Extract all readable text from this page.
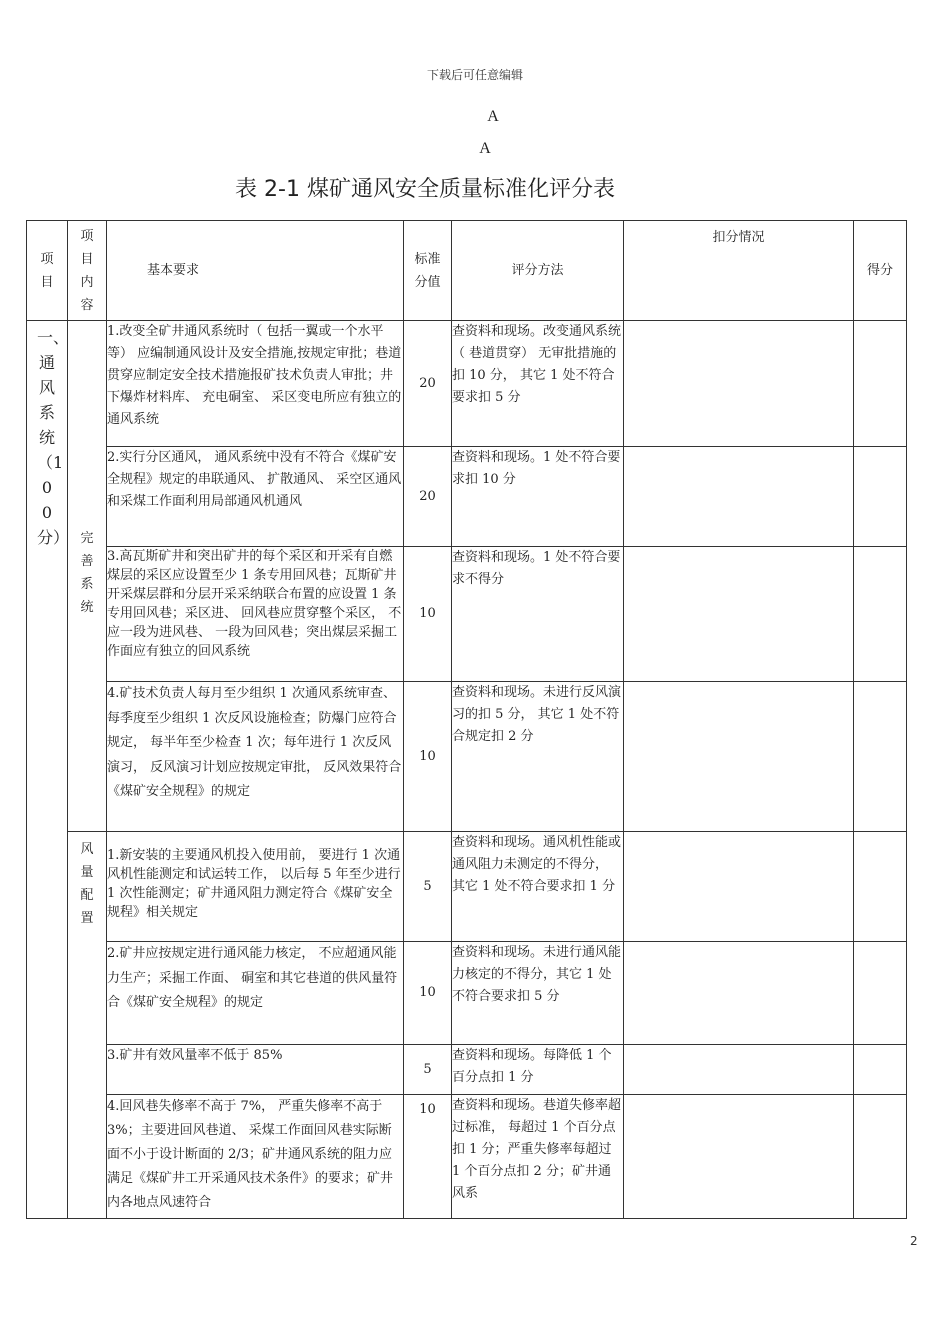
下载后可任意编辑
A
A
表 2-1 煤矿通风安全质量标准化评分表
项目	项目内容	基本要求	标准分值	评分方法	扣分情况	得分

一、通风系统（100分）	完善系统	1.改变全矿井通风系统时（ 包括一翼或一个水平等） 应编制通风设计及安全措施,按规定审批；巷道贯穿应制定安全技术措施报矿技术负责人审批；井下爆炸材料库、 充电硐室、 采区变电所应有独立的通风系统	20	查资料和现场。改变通风系统（ 巷道贯穿） 无审批措施的扣 10 分， 其它 1 处不符合要求扣 5 分		
		2.实行分区通风， 通风系统中没有不符合《煤矿安全规程》规定的串联通风、 扩散通风、 采空区通风和采煤工作面利用局部通风机通风	20	查资料和现场。1 处不符合要求扣 10 分		
		3.高瓦斯矿井和突出矿井的每个采区和开采有自燃煤层的采区应设置至少 1 条专用回风巷；瓦斯矿井开采煤层群和分层开采采纳联合布置的应设置 1 条专用回风巷；采区进、 回风巷应贯穿整个采区， 不应一段为进风巷、 一段为回风巷；突出煤层采掘工作面应有独立的回风系统	10	查资料和现场。1 处不符合要求不得分		
		4.矿技术负责人每月至少组织 1 次通风系统审查、 每季度至少组织 1 次反风设施检查；防爆门应符合规定， 每半年至少检查 1 次；每年进行 1 次反风演习， 反风演习计划应按规定审批， 反风效果符合《煤矿安全规程》的规定	10	查资料和现场。未进行反风演习的扣 5 分， 其它 1 处不符合规定扣 2 分		

	风量配置	1.新安装的主要通风机投入使用前， 要进行 1 次通风机性能测定和试运转工作， 以后每 5 年至少进行 1 次性能测定；矿井通风阻力测定符合《煤矿安全规程》相关规定	5	查资料和现场。通风机性能或通风阻力未测定的不得分， 其它 1 处不符合要求扣 1 分		
		2.矿井应按规定进行通风能力核定， 不应超通风能力生产；采掘工作面、 硐室和其它巷道的供风量符合《煤矿安全规程》的规定	10	查资料和现场。未进行通风能力核定的不得分，其它 1 处不符合要求扣 5 分		
		3.矿井有效风量率不低于 85%	5	查资料和现场。每降低 1 个百分点扣 1 分		

		4.回风巷失修率不高于 7%， 严重失修率不高于 3%；主要进回风巷道、 采煤工作面回风巷实际断面不小于设计断面的 2/3；矿井通风系统的阻力应满足《煤矿井工开采通风技术条件》的要求；矿井内各地点风速符合	10	查资料和现场。巷道失修率超过标准， 每超过 1 个百分点扣 1 分；严重失修率每超过 1 个百分点扣 2 分；矿井通风系		

2
